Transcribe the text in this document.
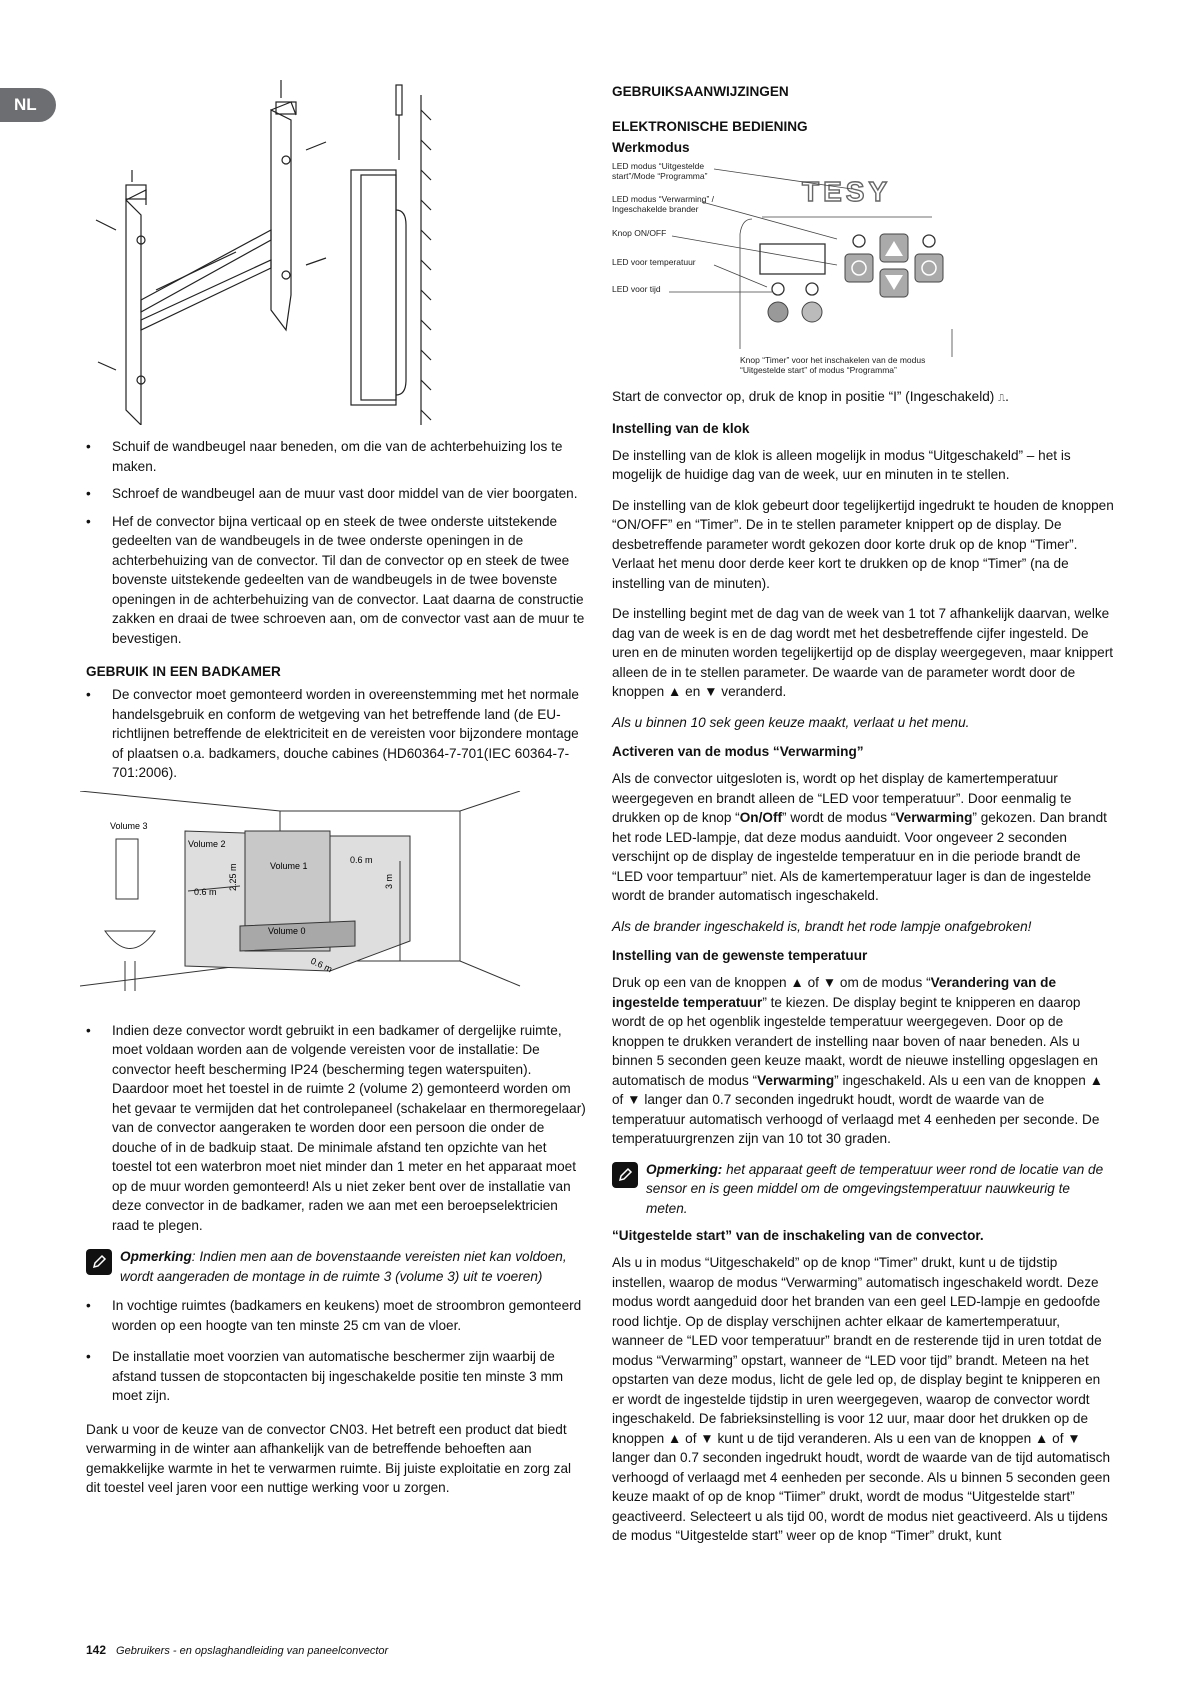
NL
•	Schuif de wandbeugel naar beneden, om die van de achterbehuizing los te maken.
•	Schroef de wandbeugel aan de muur vast door middel van de vier boorgaten.
•	Hef de convector bijna verticaal op en steek de twee onderste uitstekende gedeelten van de wandbeugels in de twee onderste openingen in de achterbehuizing van de convector. Til dan de convector op en steek de twee bovenste uitstekende gedeelten van de wandbeugels in de twee bovenste openingen in de achterbehuizing van de convector. Laat daarna de constructie zakken en draai de twee schroeven aan, om de convector vast aan de muur te bevestigen.
GEBRUIK IN EEN BADKAMER
•	De convector moet gemonteerd worden in overeenstemming met het normale handelsgebruik en conform de wetgeving van het betreffende land (de EU-richtlijnen betreffende de elektriciteit en de vereisten voor bijzondere montage of plaatsen o.a. badkamers, douche cabines (HD60364-7-701(IEC 60364-7-701:2006).
Volume 3
Volume 2
Volume 1
Volume 0
0.6 m
2.25 m
0.6 m
3 m
0.6 m
•	Indien deze convector wordt gebruikt in een badkamer of dergelijke ruimte, moet voldaan worden aan de volgende vereisten voor de installatie: De convector heeft bescherming IP24 (bescherming tegen waterspuiten). Daardoor moet het toestel in de ruimte 2 (volume 2) gemonteerd worden om het gevaar te vermijden dat het controlepaneel (schakelaar en thermoregelaar) van de convector aangeraken te worden door een persoon die onder de douche of in de badkuip staat. De minimale afstand ten opzichte van het toestel tot een waterbron moet niet minder dan 1 meter en het apparaat moet op de muur worden gemonteerd! Als u niet zeker bent over de installatie van deze convector in de badkamer, raden we aan met een beroepselektricien raad te plegen.
Opmerking: Indien men aan de bovenstaande vereisten niet kan voldoen, wordt aangeraden de montage in de ruimte 3 (volume 3) uit te voeren)
•	In vochtige ruimtes (badkamers en keukens) moet de stroombron gemonteerd worden op een hoogte van ten minste 25 cm van de vloer.
•	De installatie moet voorzien van automatische beschermer zijn waarbij de afstand tussen de stopcontacten bij ingeschakelde positie ten minste 3 mm moet zijn.

Dank u voor de keuze van de convector CN03. Het betreft een product dat biedt verwarming in de winter aan afhankelijk van de betreffende behoeften aan gemakkelijke warmte in het te verwarmen ruimte. Bij juiste exploitatie en zorg zal dit toestel veel jaren voor een nuttige werking voor u zorgen.

GEBRUIKSAANWIJZINGEN
ELEKTRONISCHE BEDIENING
Werkmodus
LED modus “Uitgestelde
start”/Mode “Programma”
LED modus “Verwarming” /
Ingeschakelde brander
Knop ON/OFF
LED voor temperatuur
LED voor tijd
Knop “Timer” voor het inschakelen van de modus
“Uitgestelde start” of modus “Programma”
TESY

Start de convector op, druk de knop in positie “I” (Ingeschakeld) ⎍.

Instelling van de klok

De instelling van de klok is alleen mogelijk in modus “Uitgeschakeld” – het is mogelijk de huidige dag van de week, uur en minuten in te stellen.

De instelling van de klok gebeurt door tegelijkertijd ingedrukt te houden de knoppen “ON/OFF” en “Timer”. De in te stellen parameter knippert op de display. De desbetreffende parameter wordt gekozen door korte druk op de knop “Timer”. Verlaat het menu door derde keer kort te drukken op de knop “Timer” (na de instelling van de minuten).

De instelling begint met de dag van de week van 1 tot 7 afhankelijk daarvan, welke dag van de week is en de dag wordt met het desbetreffende cijfer ingesteld. De uren en de minuten worden tegelijkertijd op de display weergegeven, maar knippert alleen de in te stellen parameter. De waarde van de parameter wordt door de knoppen ▲ en ▼ veranderd.

Als u binnen 10 sek geen keuze maakt, verlaat u het menu.

Activeren van de modus “Verwarming”

Als de convector uitgesloten is, wordt op het display de kamertemperatuur weergegeven en brandt alleen de “LED voor temperatuur”. Door eenmalig te drukken op de knop “On/Off” wordt de modus “Verwarming” gekozen. Dan brandt het rode LED-lampje, dat deze modus aanduidt. Voor ongeveer 2 seconden verschijnt op de display de ingestelde temperatuur en in die periode brandt de “LED voor tempartuur” niet. Als de kamertemperatuur lager is dan de ingestelde wordt de brander automatisch ingeschakeld.

Als de brander ingeschakeld is, brandt het rode lampje onafgebroken!

Instelling van de gewenste temperatuur

Druk op een van de knoppen ▲ of ▼ om de modus “Verandering van de ingestelde temperatuur” te kiezen. De display begint te knipperen en daarop wordt de op het ogenblik ingestelde temperatuur weergegeven. Door op de knoppen te drukken verandert de instelling naar boven of naar beneden. Als u binnen 5 seconden geen keuze maakt, wordt de nieuwe instelling opgeslagen en automatisch de modus “Verwarming” ingeschakeld. Als u een van de knoppen ▲ of ▼ langer dan 0.7 seconden ingedrukt houdt, wordt de waarde van de temperatuur automatisch verhoogd of verlaagd met 4 eenheden per seconde. De temperatuurgrenzen zijn van 10 tot 30 graden.

Opmerking: het apparaat geeft de temperatuur weer rond de locatie van de sensor en is geen middel om de omgevingstemperatuur nauwkeurig te meten.
“Uitgestelde start” van de inschakeling van de convector.

Als u in modus “Uitgeschakeld” op de knop “Timer” drukt, kunt u de tijdstip instellen, waarop de modus “Verwarming” automatisch ingeschakeld wordt. Deze modus wordt aangeduid door het branden van een geel LED-lampje en gedoofde rood lichtje. Op de display verschijnen achter elkaar de kamertemperatuur, wanneer de “LED voor temperatuur” brandt en de resterende tijd in uren totdat de modus “Verwarming” opstart, wanneer de “LED voor tijd” brandt. Meteen na het opstarten van deze modus, licht de gele led op, de display begint te knipperen en er wordt de ingestelde tijdstip in uren weergegeven, waarop de convector wordt ingeschakeld. De fabrieksinstelling is voor 12 uur, maar door het drukken op de knoppen ▲ of ▼ kunt u de tijd veranderen. Als u een van de knoppen ▲ of ▼ langer dan 0.7 seconden ingedrukt houdt, wordt de waarde van de tijd automatisch verhoogd of verlaagd met 4 eenheden per seconde. Als u binnen 5 seconden geen keuze maakt of op de knop “Tiimer” drukt, wordt de modus “Uitgestelde start” geactiveerd. Selecteert u als tijd 00, wordt de modus niet geactiveerd. Als u tijdens de modus “Uitgestelde start” weer op de knop “Timer” drukt, kunt

142 Gebruikers - en opslaghandleiding van paneelconvector
